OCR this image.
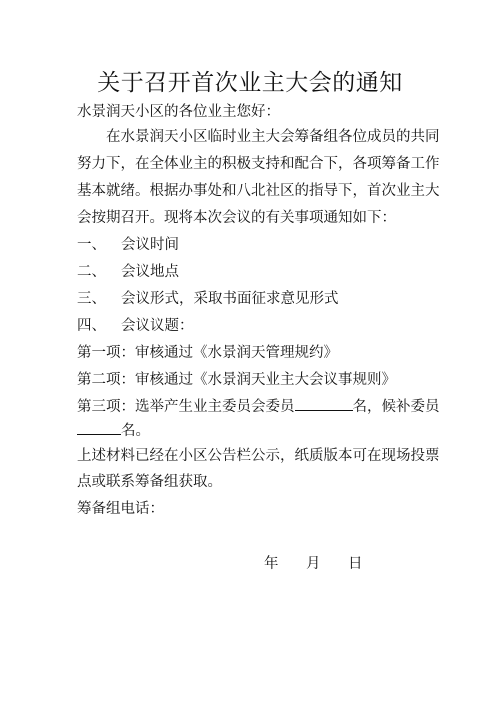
关于召开首次业主大会的通知
水景润天小区的各位业主您好：
在水景润天小区临时业主大会筹备组各位成员的共同
努力下，在全体业主的积极支持和配合下，各项筹备工作
基本就绪。根据办事处和八北社区的指导下，首次业主大
会按期召开。现将本次会议的有关事项通知如下：
一、 会议时间
二、 会议地点
三、 会议形式，采取书面征求意见形式
四、 会议议题：
第一项：审核通过《水景润天管理规约》
第二项：审核通过《水景润天业主大会议事规则》
第三项：选举产生业主委员会委员	名，候补委员
名。
上述材料已经在小区公告栏公示，纸质版本可在现场投票
点或联系筹备组获取。
筹备组电话：
年 月 日
